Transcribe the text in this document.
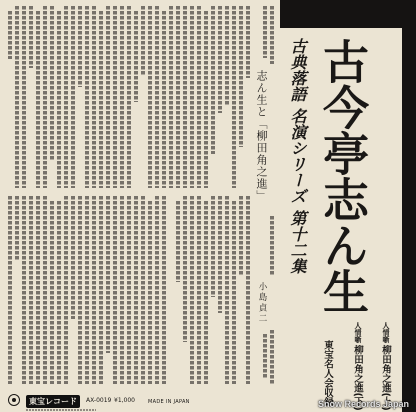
古典落語名演シリーズ第十二集 古今亭志ん生
人情噺
柳田角之進(上)
人情噺
柳田角之進(下)
東宝名人会収録
志ん生と「柳田角之進」
小島貞二
東宝レコード	AX-0019 ¥1,000	MADE IN JAPAN	Snow Records Japan
